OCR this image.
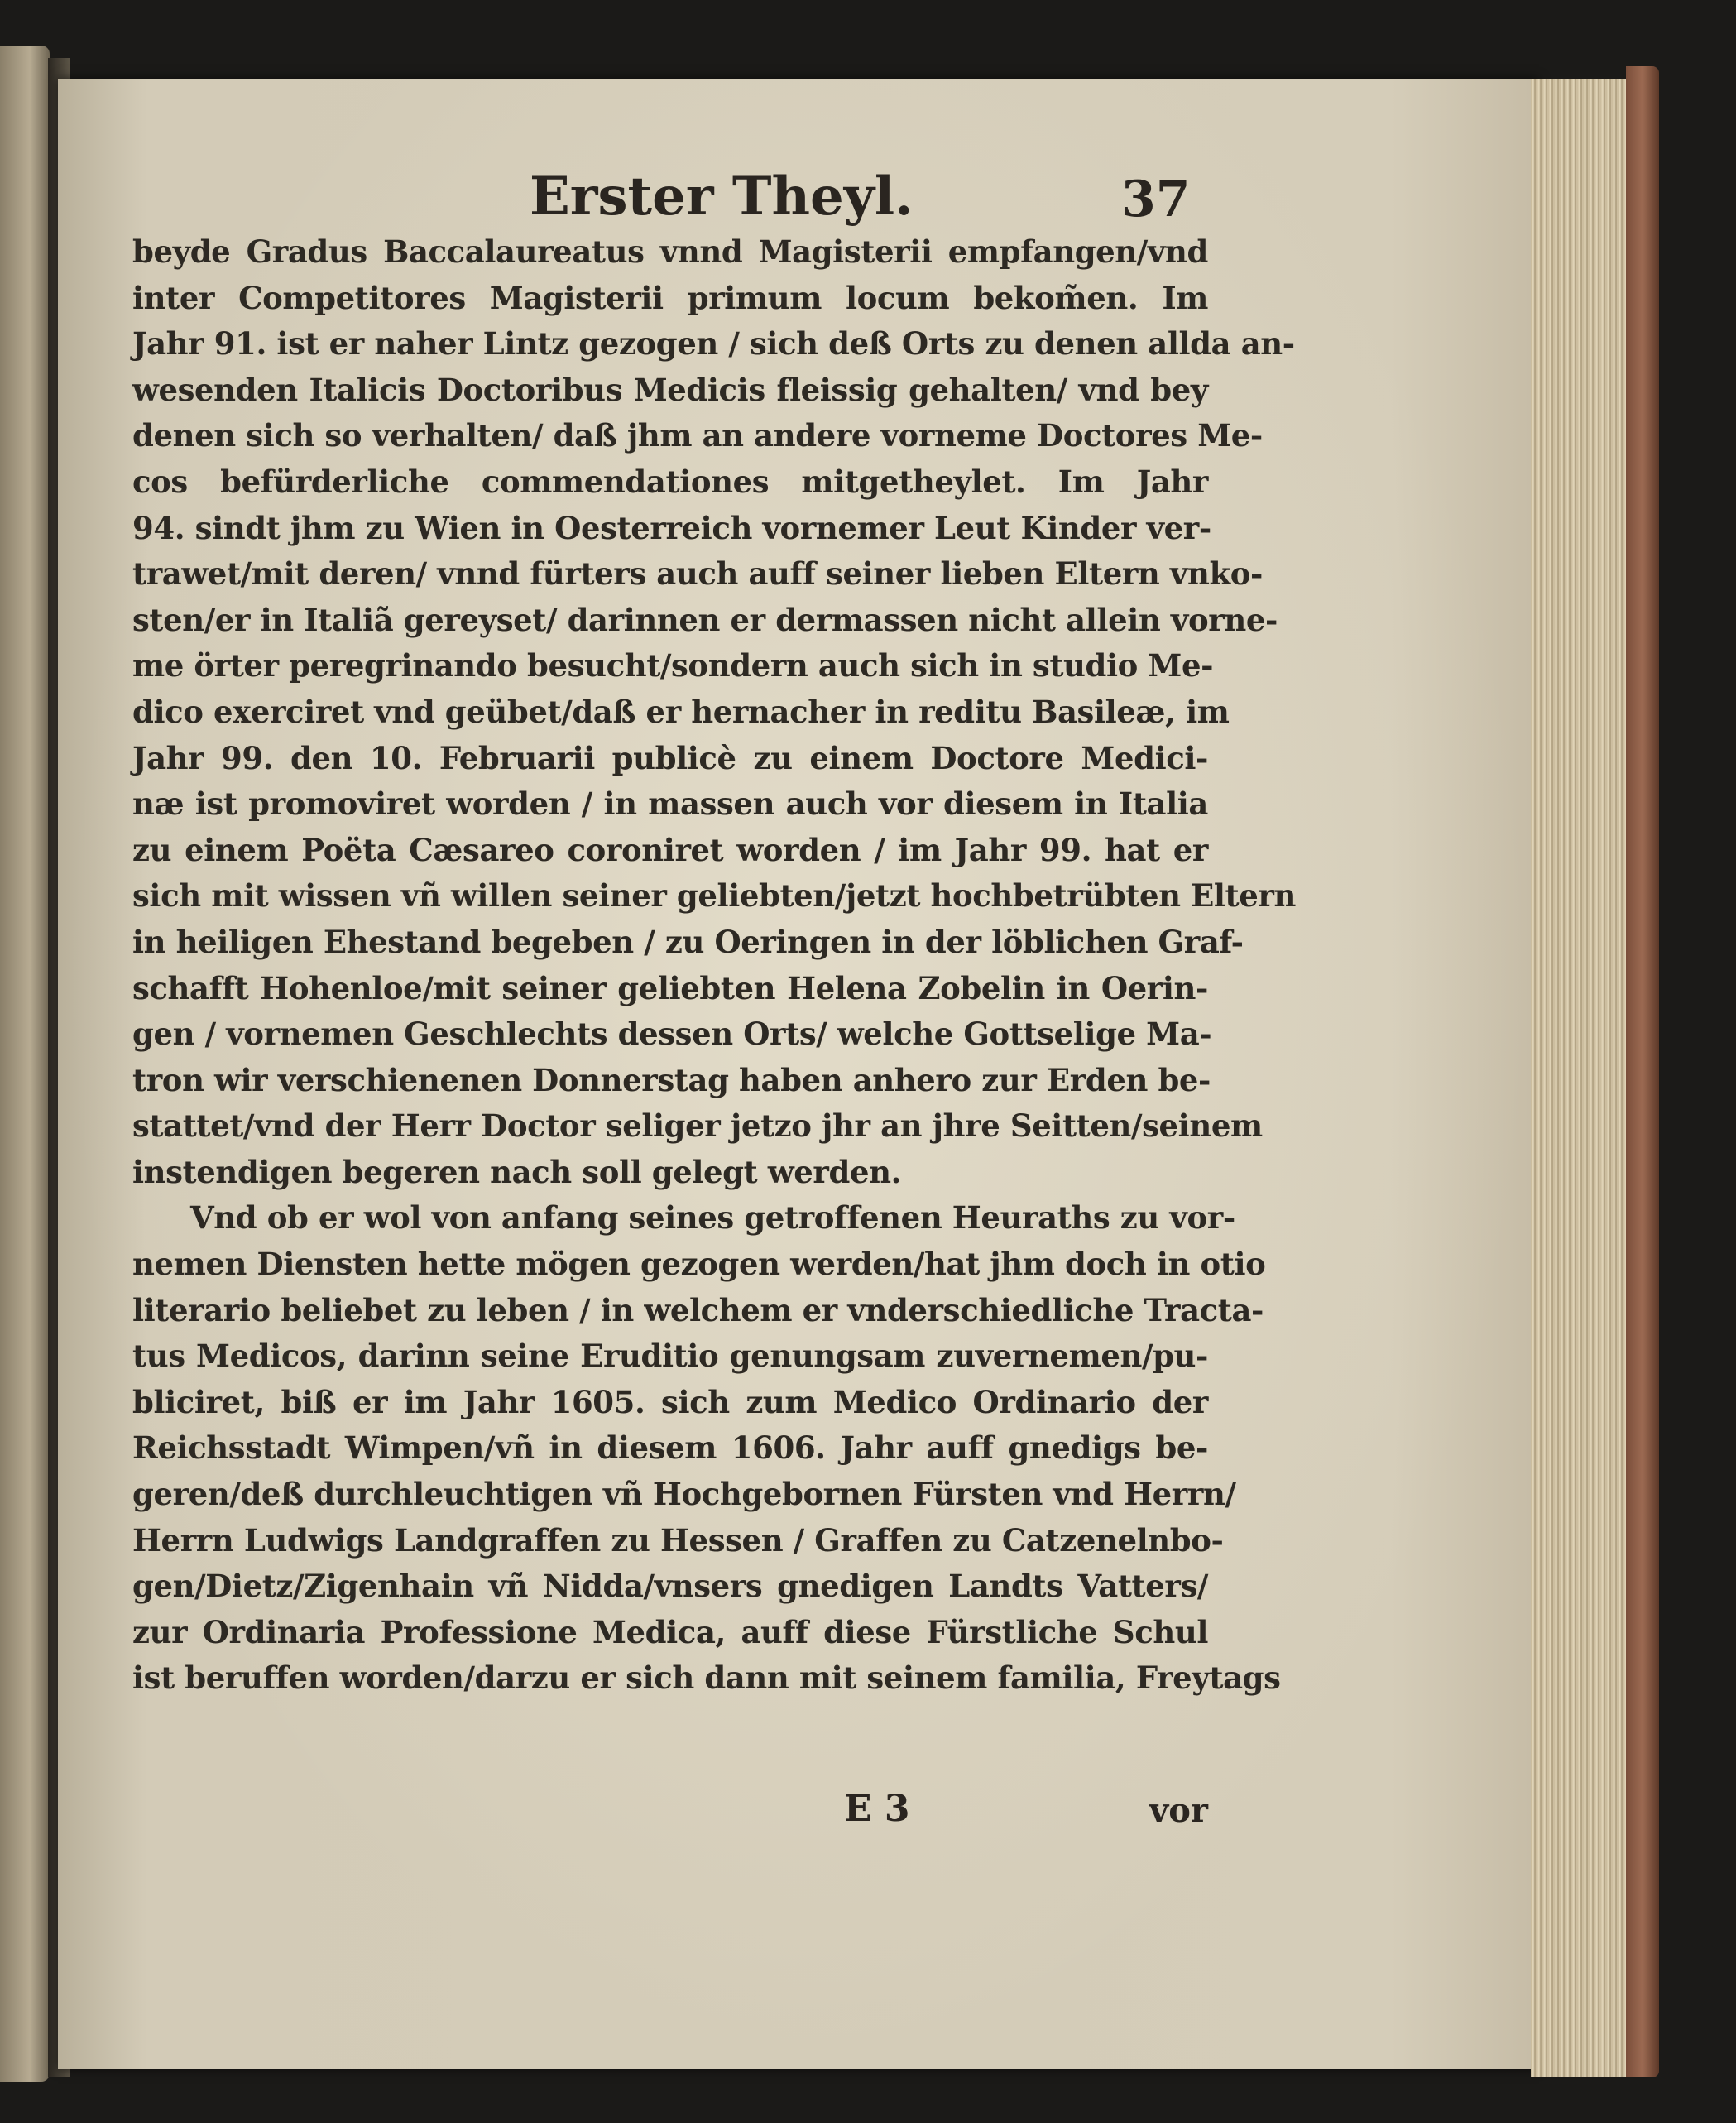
Erster Theyl.	37
beyde Gradus Baccalaureatus vnnd Magisterii empfangen/vnd
inter Competitores Magisterii primum locum bekom̃en. Im
Jahr 91. ist er naher Lintz gezogen / sich deß Orts zu denen allda an-
wesenden Italicis Doctoribus Medicis fleissig gehalten/ vnd bey
denen sich so verhalten/ daß jhm an andere vorneme Doctores Me-
cos befürderliche commendationes mitgetheylet. Im Jahr
94. sindt jhm zu Wien in Oesterreich vornemer Leut Kinder ver-
trawet/mit deren/ vnnd fürters auch auff seiner lieben Eltern vnko-
sten/er in Italiã gereyset/ darinnen er dermassen nicht allein vorne-
me örter peregrinando besucht/sondern auch sich in studio Me-
dico exerciret vnd geübet/daß er hernacher in reditu Basileæ, im
Jahr 99. den 10. Februarii publicè zu einem Doctore Medici-
næ ist promoviret worden / in massen auch vor diesem in Italia
zu einem Poëta Cæsareo coroniret worden / im Jahr 99. hat er
sich mit wissen vñ willen seiner geliebten/jetzt hochbetrübten Eltern
in heiligen Ehestand begeben / zu Oeringen in der löblichen Graf-
schafft Hohenloe/mit seiner geliebten Helena Zobelin in Oerin-
gen / vornemen Geschlechts dessen Orts/ welche Gottselige Ma-
tron wir verschienenen Donnerstag haben anhero zur Erden be-
stattet/vnd der Herr Doctor seliger jetzo jhr an jhre Seitten/seinem
instendigen begeren nach soll gelegt werden.
Vnd ob er wol von anfang seines getroffenen Heuraths zu vor-
nemen Diensten hette mögen gezogen werden/hat jhm doch in otio
literario beliebet zu leben / in welchem er vnderschiedliche Tracta-
tus Medicos, darinn seine Eruditio genungsam zuvernemen/pu-
bliciret, biß er im Jahr 1605. sich zum Medico Ordinario der
Reichsstadt Wimpen/vñ in diesem 1606. Jahr auff gnedigs be-
geren/deß durchleuchtigen vñ Hochgebornen Fürsten vnd Herrn/
Herrn Ludwigs Landgraffen zu Hessen / Graffen zu Catzenelnbo-
gen/Dietz/Zigenhain vñ Nidda/vnsers gnedigen Landts Vatters/
zur Ordinaria Professione Medica, auff diese Fürstliche Schul
ist beruffen worden/darzu er sich dann mit seinem familia, Freytags
E 3	vor
